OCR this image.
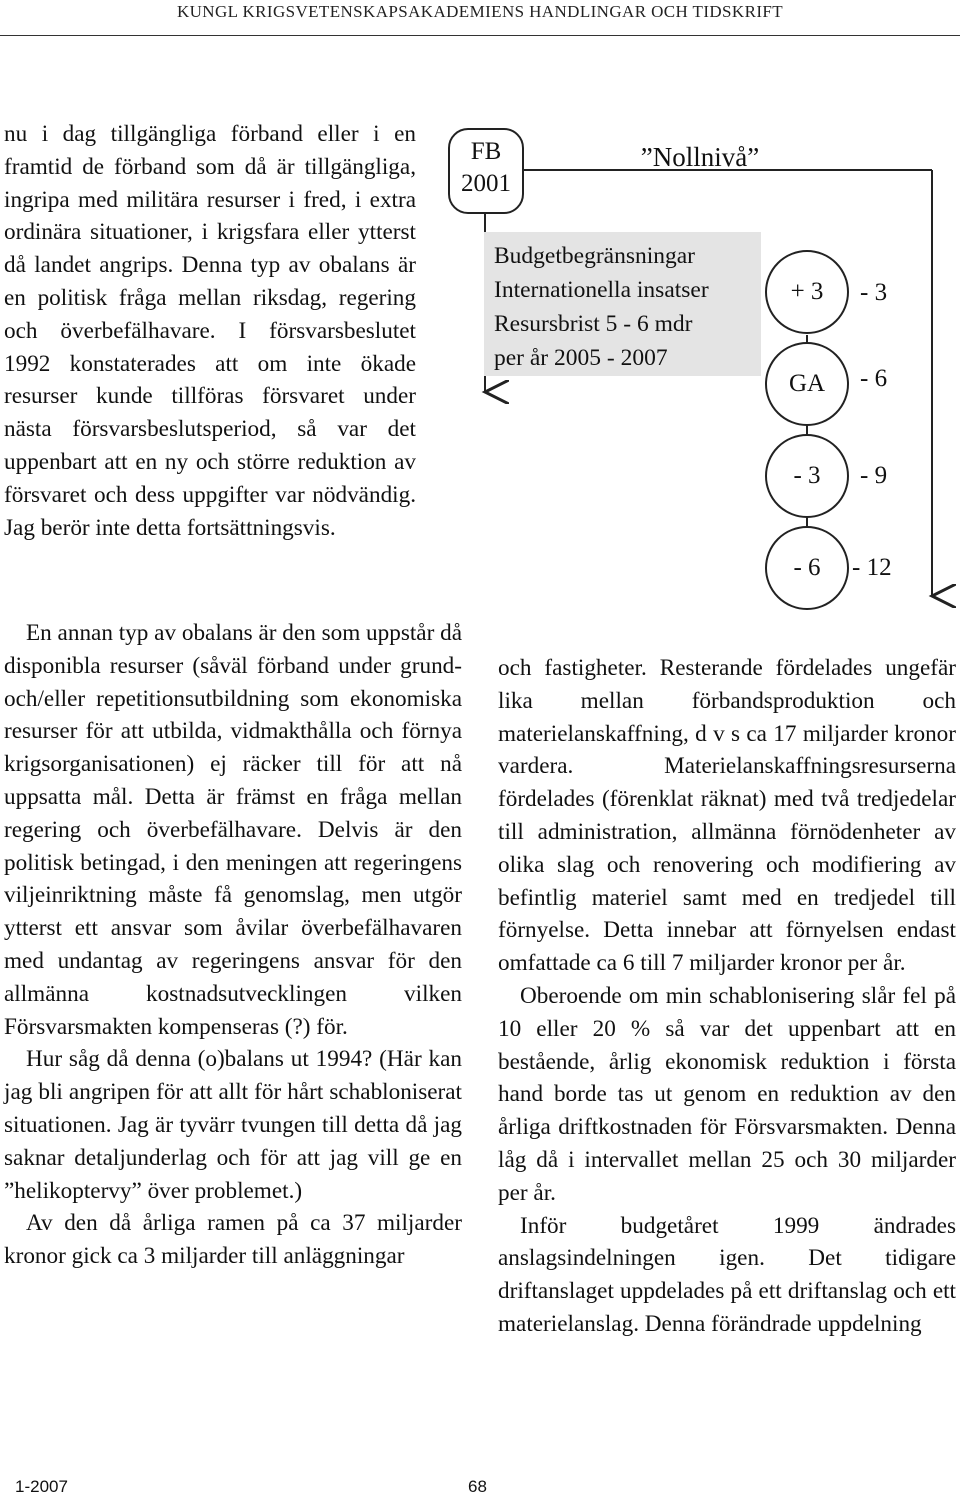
KUNGL KRIGSVETENSKAPSAKADEMIENS HANDLINGAR OCH TIDSKRIFT

nu i dag tillgängliga förband eller i en framtid de förband som då är tillgängliga, ingripa med militära resurser i fred, i extra ordinära situationer, i krigsfara eller ytterst då landet angrips. Denna typ av obalans är en politisk fråga mellan riksdag, regering och överbefälhavare. I försvarsbeslutet 1992 konstaterades att om inte ökade resurser kunde tillföras försvaret under nästa försvarsbeslutsperiod, så var det uppenbart att en ny och större reduktion av försvaret och dess uppgifter var nödvändig. Jag berör inte detta fortsättningsvis.

En annan typ av obalans är den som uppstår då disponibla resurser (såväl förband under grund- och/eller repetitionsutbildning som ekonomiska resurser för att utbilda, vidmakthålla och förnya krigsorganisationen) ej räcker till för att nå uppsatta mål. Detta är främst en fråga mellan regering och överbefälhavare. Delvis är den politisk betingad, i den meningen att regeringens viljeinriktning måste få genomslag, men utgör ytterst ett ansvar som åvilar överbefälhavaren med undantag av regeringens ansvar för den allmänna kostnadsutvecklingen vilken Försvarsmakten kompenseras (?) för.

Hur såg då denna (o)balans ut 1994? (Här kan jag bli angripen för att allt för hårt schabloniserat situationen. Jag är tyvärr tvungen till detta då jag saknar detaljunderlag och för att jag vill ge en ”helikoptervy” över problemet.)

Av den då årliga ramen på ca 37 miljarder kronor gick ca 3 miljarder till anläggningar

och fastigheter. Resterande fördelades ungefär lika mellan förbandsproduktion och materielanskaffning, d v s ca 17 miljarder kronor vardera. Materielanskaffningsresurserna fördelades (förenklat räknat) med två tredjedelar till administration, allmänna förnödenheter av olika slag och renovering och modifiering av befintlig materiel samt med en tredjedel till förnyelse. Detta innebar att förnyelsen endast omfattade ca 6 till 7 miljarder kronor per år.

Oberoende om min schablonisering slår fel på 10 eller 20 % så var det uppenbart att en bestående, årlig ekonomisk reduktion i första hand borde tas ut genom en reduktion av den årliga driftkostnaden för Försvarsmakten. Denna låg då i intervallet mellan 25 och 30 miljarder per år.

Inför budgetåret 1999 ändrades anslagsindelningen igen. Det tidigare driftanslaget uppdelades på ett driftanslag och ett materielanslag. Denna förändrade uppdelning

FB
2001
”Nollnivå”
Budgetbegränsningar
Internationella insatser
Resursbrist 5 - 6 mdr
per år 2005 - 2007
+ 3
GA
- 3
- 6
- 3
- 6
- 9
- 12
1-2007	68
